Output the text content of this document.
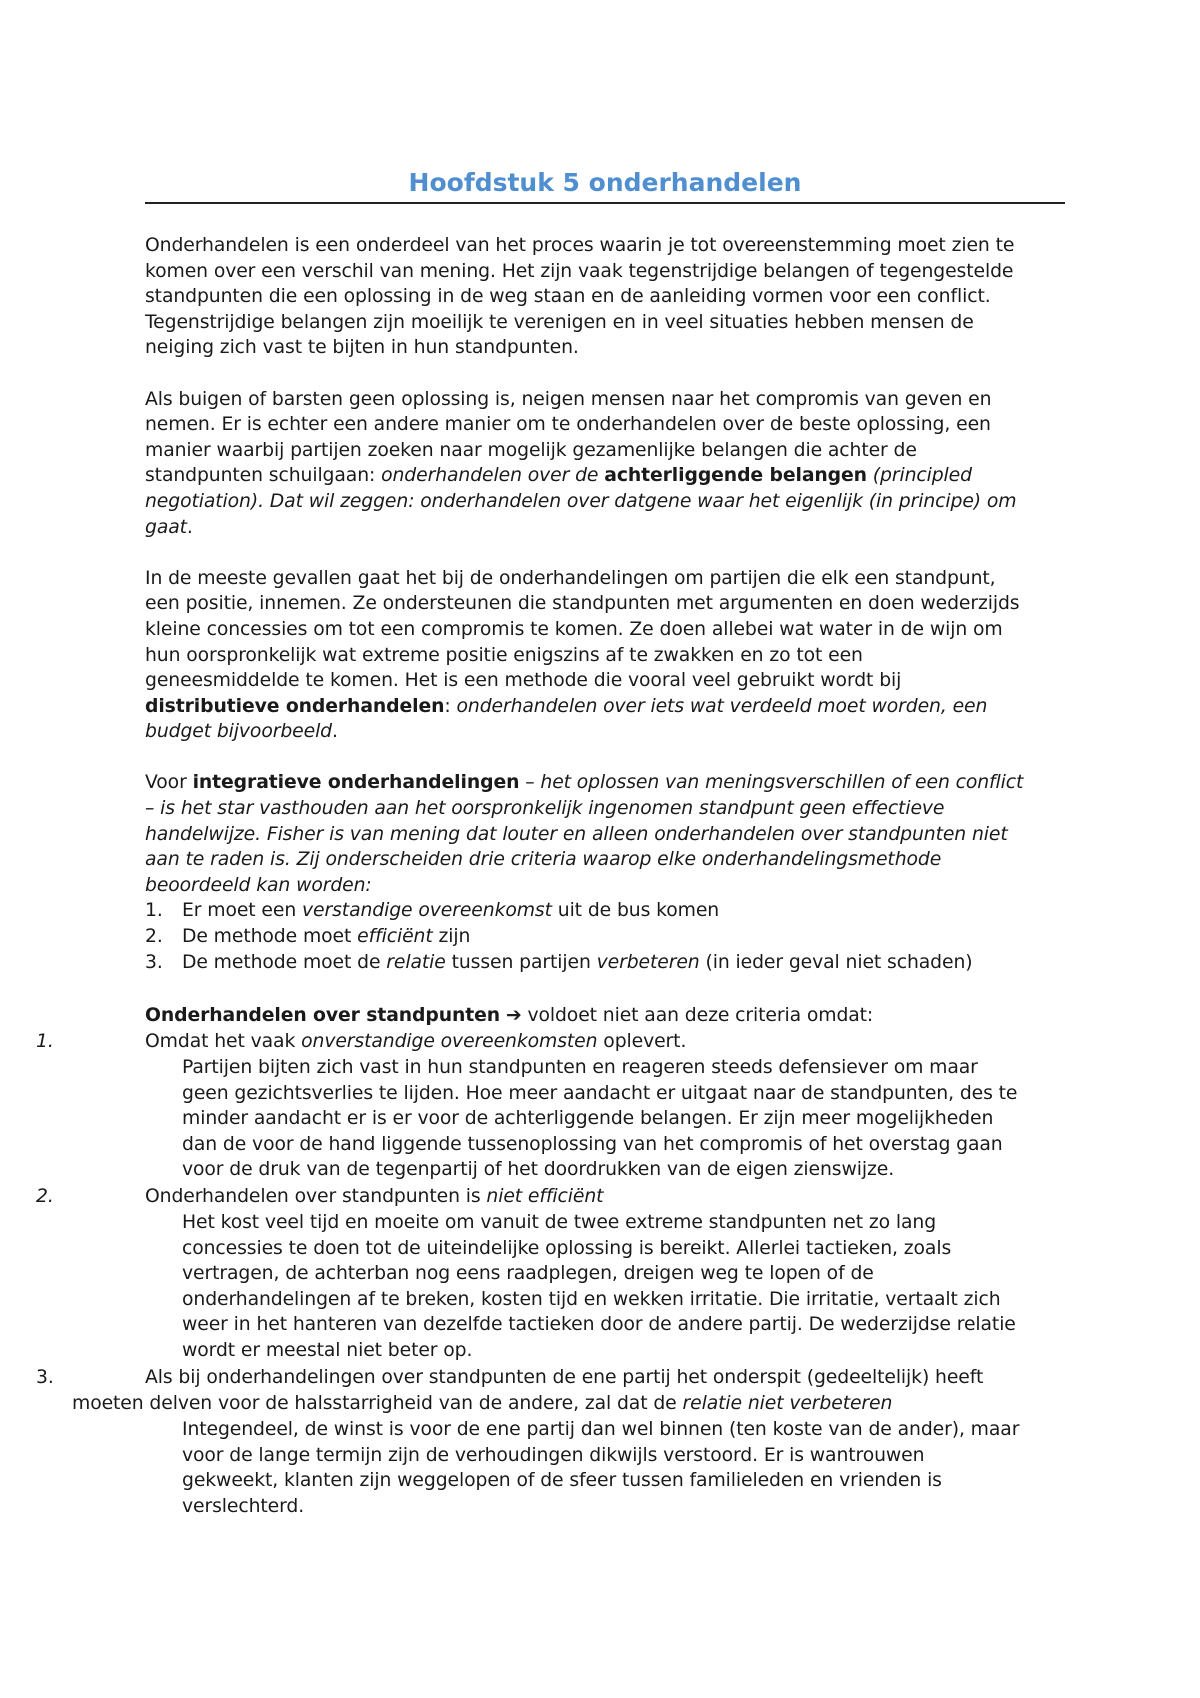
Hoofdstuk 5 onderhandelen
Onderhandelen is een onderdeel van het proces waarin je tot overeenstemming moet zien te
komen over een verschil van mening. Het zijn vaak tegenstrijdige belangen of tegengestelde
standpunten die een oplossing in de weg staan en de aanleiding vormen voor een conflict.
Tegenstrijdige belangen zijn moeilijk te verenigen en in veel situaties hebben mensen de
neiging zich vast te bijten in hun standpunten.
Als buigen of barsten geen oplossing is, neigen mensen naar het compromis van geven en
nemen. Er is echter een andere manier om te onderhandelen over de beste oplossing, een
manier waarbij partijen zoeken naar mogelijk gezamenlijke belangen die achter de
standpunten schuilgaan: onderhandelen over de achterliggende belangen (principled
negotiation). Dat wil zeggen: onderhandelen over datgene waar het eigenlijk (in principe) om
gaat.
In de meeste gevallen gaat het bij de onderhandelingen om partijen die elk een standpunt,
een positie, innemen. Ze ondersteunen die standpunten met argumenten en doen wederzijds
kleine concessies om tot een compromis te komen. Ze doen allebei wat water in de wijn om
hun oorspronkelijk wat extreme positie enigszins af te zwakken en zo tot een
geneesmiddelde te komen. Het is een methode die vooral veel gebruikt wordt bij
distributieve onderhandelen: onderhandelen over iets wat verdeeld moet worden, een
budget bijvoorbeeld.
Voor integratieve onderhandelingen – het oplossen van meningsverschillen of een conflict
– is het star vasthouden aan het oorspronkelijk ingenomen standpunt geen effectieve
handelwijze. Fisher is van mening dat louter en alleen onderhandelen over standpunten niet
aan te raden is. Zij onderscheiden drie criteria waarop elke onderhandelingsmethode
beoordeeld kan worden:
1. Er moet een verstandige overeenkomst uit de bus komen
2. De methode moet efficiënt zijn
3. De methode moet de relatie tussen partijen verbeteren (in ieder geval niet schaden)
Onderhandelen over standpunten ➔ voldoet niet aan deze criteria omdat:
1.	Omdat het vaak onverstandige overeenkomsten oplevert.
Partijen bijten zich vast in hun standpunten en reageren steeds defensiever om maar
geen gezichtsverlies te lijden. Hoe meer aandacht er uitgaat naar de standpunten, des te
minder aandacht er is er voor de achterliggende belangen. Er zijn meer mogelijkheden
dan de voor de hand liggende tussenoplossing van het compromis of het overstag gaan
voor de druk van de tegenpartij of het doordrukken van de eigen zienswijze.
2.	Onderhandelen over standpunten is niet efficiënt
Het kost veel tijd en moeite om vanuit de twee extreme standpunten net zo lang
concessies te doen tot de uiteindelijke oplossing is bereikt. Allerlei tactieken, zoals
vertragen, de achterban nog eens raadplegen, dreigen weg te lopen of de
onderhandelingen af te breken, kosten tijd en wekken irritatie. Die irritatie, vertaalt zich
weer in het hanteren van dezelfde tactieken door de andere partij. De wederzijdse relatie
wordt er meestal niet beter op.
3.	Als bij onderhandelingen over standpunten de ene partij het onderspit (gedeeltelijk) heeft
moeten delven voor de halsstarrigheid van de andere, zal dat de relatie niet verbeteren
Integendeel, de winst is voor de ene partij dan wel binnen (ten koste van de ander), maar
voor de lange termijn zijn de verhoudingen dikwijls verstoord. Er is wantrouwen
gekweekt, klanten zijn weggelopen of de sfeer tussen familieleden en vrienden is
verslechterd.
